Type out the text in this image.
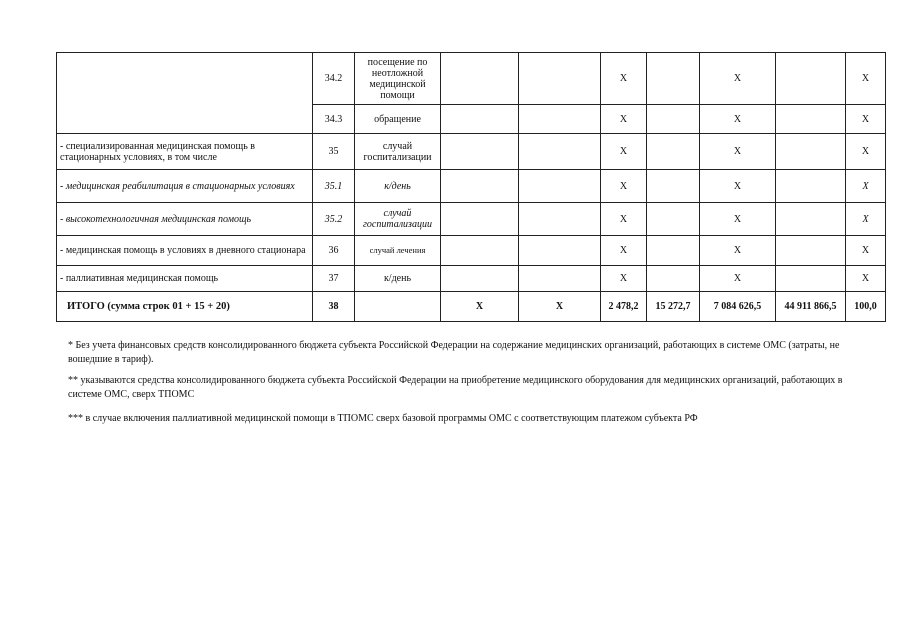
	34.2	посещение по неотложной медицинской помощи			X		X		X
	34.3	обращение			X		X		X
- специализированная медицинская помощь в стационарных условиях, в том числе	35	случай госпитализации			X		X		X
- медицинская реабилитация в стационарных условиях	35.1	к/день			X		X		X
- высокотехнологичная медицинская помощь	35.2	случай госпитализации			X		X		X
- медицинская помощь в условиях в дневного стационара	36	случай лечения			X		X		X
- паллиативная медицинская помощь	37	к/день			X		X		X
ИТОГО (сумма строк 01 + 15 + 20)	38		X	X	2 478,2	15 272,7	7 084 626,5	44 911 866,5	100,0
* Без учета финансовых средств консолидированного бюджета субъекта Российской Федерации на содержание медицинских организаций, работающих в системе ОМС (затраты, не вошедшие в тариф).
** указываются средства консолидированного бюджета субъекта Российской Федерации на приобретение медицинского оборудования для медицинских организаций, работающих в системе ОМС, сверх ТПОМС
*** в случае включения паллиативной медицинской помощи в ТПОМС сверх базовой программы ОМС с соответствующим платежом субъекта РФ
